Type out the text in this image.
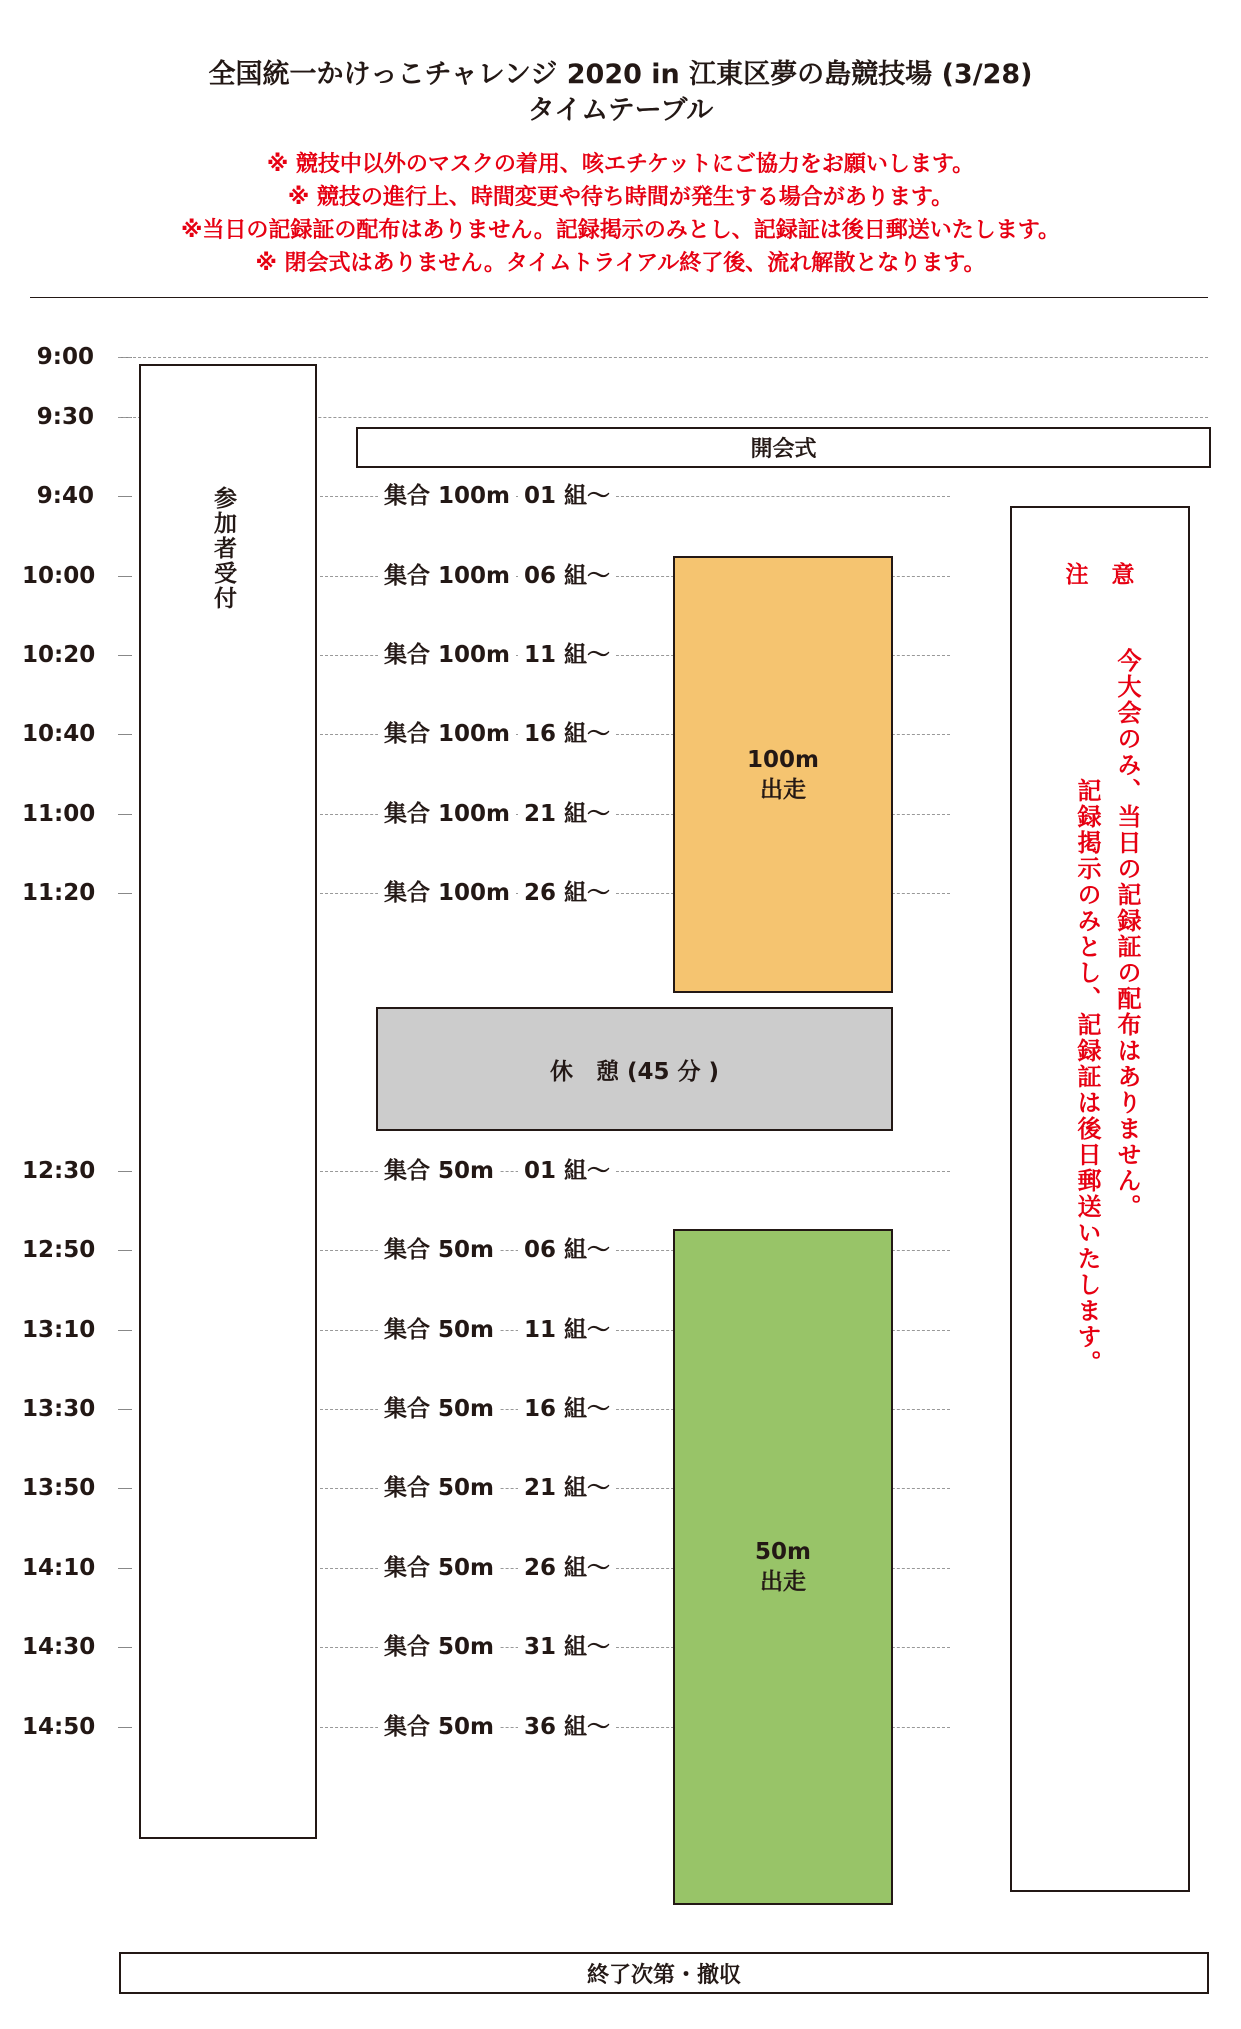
全国統一かけっこチャレンジ 2020 in 江東区夢の島競技場 (3/28)
タイムテーブル
※ 競技中以外のマスクの着用、咳エチケットにご協力をお願いします。
※ 競技の進行上、時間変更や待ち時間が発生する場合があります。
※当日の記録証の配布はありません。記録掲示のみとし、記録証は後日郵送いたします。
※ 閉会式はありません。タイムトライアル終了後、流れ解散となります。
9:00
9:30
9:40
10:00
10:20
10:40
11:00
11:20
12:30
12:50
13:10
13:30
13:50
14:10
14:30
14:50
集合 100m 01 組〜
集合 100m 06 組〜
集合 100m 11 組〜
集合 100m 16 組〜
集合 100m 21 組〜
集合 100m 26 組〜
集合 50m 01 組〜
集合 50m 06 組〜
集合 50m 11 組〜
集合 50m 16 組〜
集合 50m 21 組〜
集合 50m 26 組〜
集合 50m 31 組〜
集合 50m 36 組〜
参加者受付
開会式
100m
出走
休　憩 (45 分 )
50m
出走
注　意
今大会のみ、当日の記録証の配布はありません。
記録掲示のみとし、記録証は後日郵送いたします。
終了次第・撤収
